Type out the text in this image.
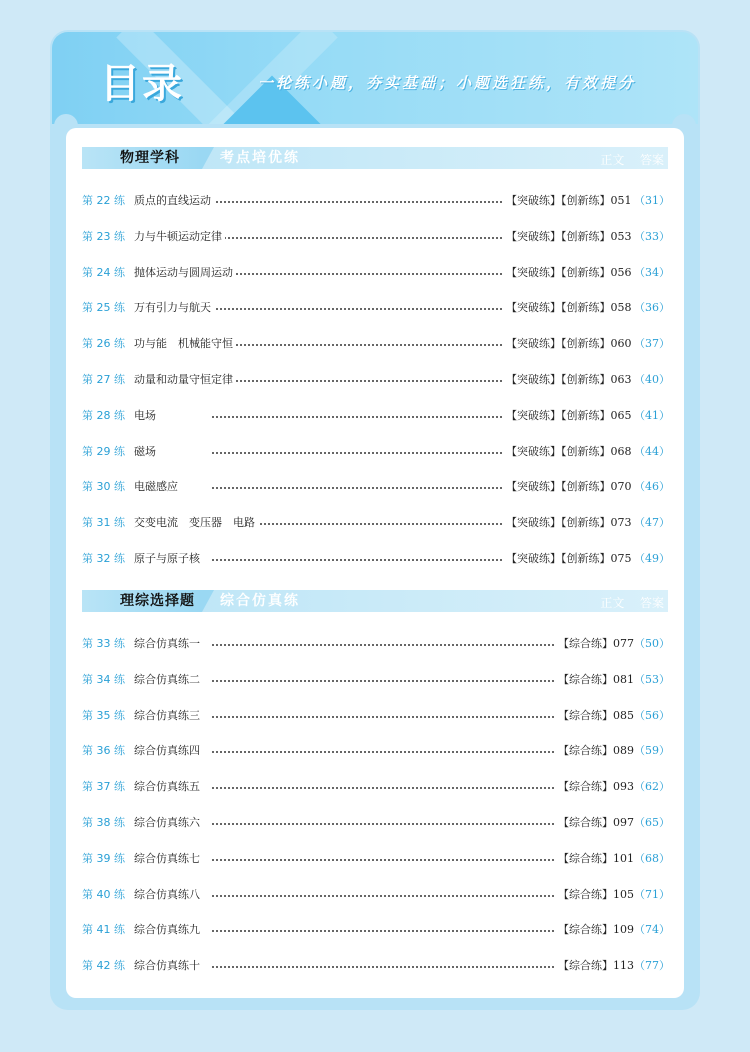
目录	一轮练小题，夯实基础；小题选狂练，有效提分
物理学科	考点培优练	正文 答案
第 22 练 质点的直线运动	【突破练】【创新练】051 （31）
第 23 练 力与牛顿运动定律	【突破练】【创新练】053 （33）
第 24 练 抛体运动与圆周运动	【突破练】【创新练】056 （34）
第 25 练 万有引力与航天	【突破练】【创新练】058 （36）
第 26 练 功与能　机械能守恒	【突破练】【创新练】060 （37）
第 27 练 动量和动量守恒定律	【突破练】【创新练】063 （40）
第 28 练 电场	【突破练】【创新练】065 （41）
第 29 练 磁场	【突破练】【创新练】068 （44）
第 30 练 电磁感应	【突破练】【创新练】070 （46）
第 31 练 交变电流　变压器　电路	【突破练】【创新练】073 （47）
第 32 练 原子与原子核	【突破练】【创新练】075 （49）
理综选择题	综合仿真练	正文 答案
第 33 练 综合仿真练一	【综合练】077 （50）
第 34 练 综合仿真练二	【综合练】081 （53）
第 35 练 综合仿真练三	【综合练】085 （56）
第 36 练 综合仿真练四	【综合练】089 （59）
第 37 练 综合仿真练五	【综合练】093 （62）
第 38 练 综合仿真练六	【综合练】097 （65）
第 39 练 综合仿真练七	【综合练】101 （68）
第 40 练 综合仿真练八	【综合练】105 （71）
第 41 练 综合仿真练九	【综合练】109 （74）
第 42 练 综合仿真练十	【综合练】113 （77）
